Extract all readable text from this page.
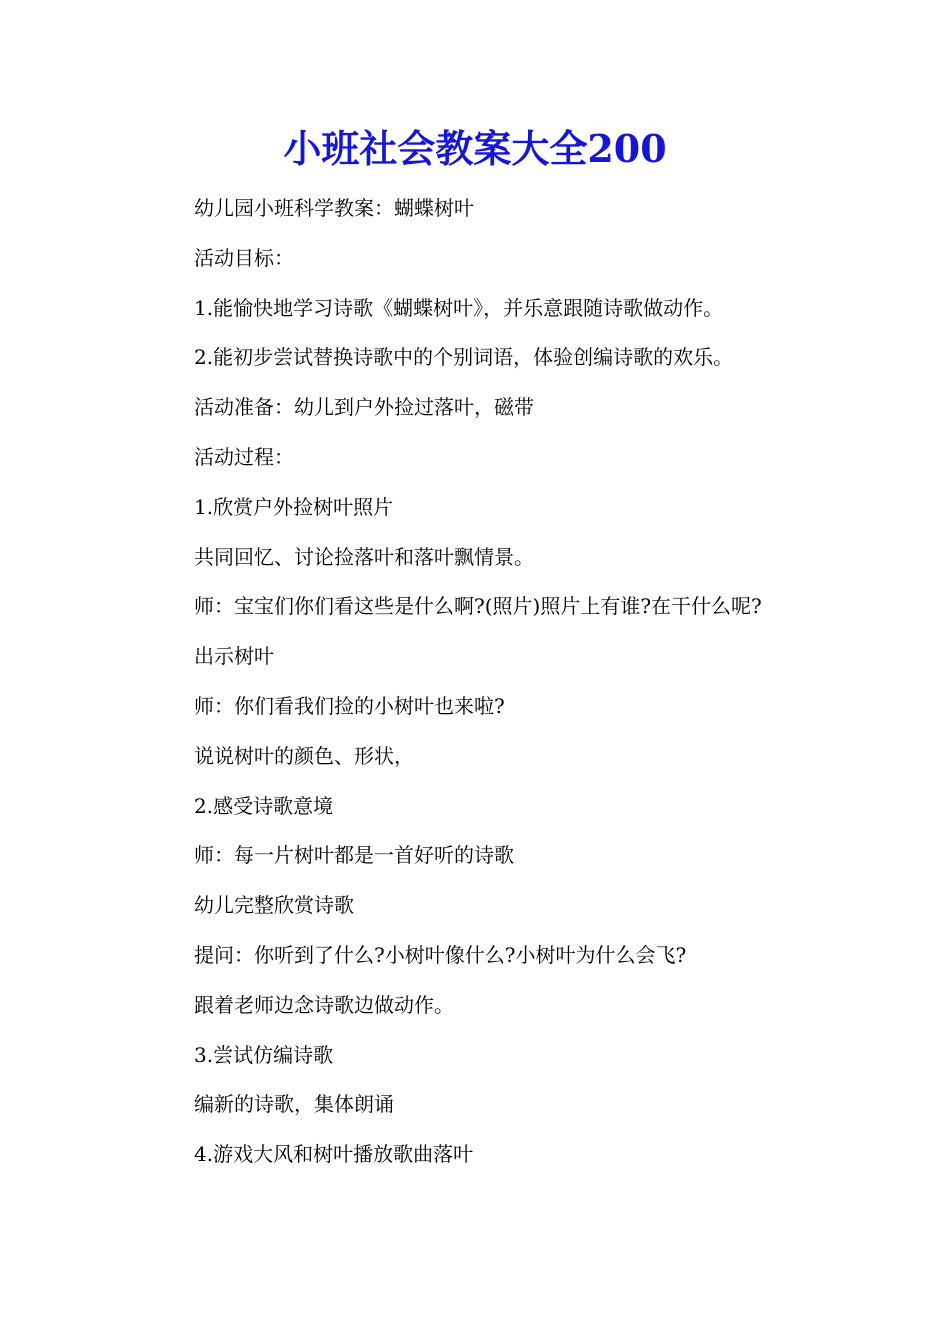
小班社会教案大全200

幼儿园小班科学教案：蝴蝶树叶

活动目标：

1.能愉快地学习诗歌《蝴蝶树叶》，并乐意跟随诗歌做动作。

2.能初步尝试替换诗歌中的个别词语，体验创编诗歌的欢乐。

活动准备：幼儿到户外捡过落叶，磁带

活动过程：

1.欣赏户外捡树叶照片

共同回忆、讨论捡落叶和落叶飘情景。

师：宝宝们你们看这些是什么啊?(照片)照片上有谁?在干什么呢?

出示树叶

师：你们看我们捡的小树叶也来啦?

说说树叶的颜色、形状，

2.感受诗歌意境

师：每一片树叶都是一首好听的诗歌

幼儿完整欣赏诗歌

提问：你听到了什么?小树叶像什么?小树叶为什么会飞?

跟着老师边念诗歌边做动作。

3.尝试仿编诗歌

编新的诗歌，集体朗诵

4.游戏大风和树叶播放歌曲落叶
